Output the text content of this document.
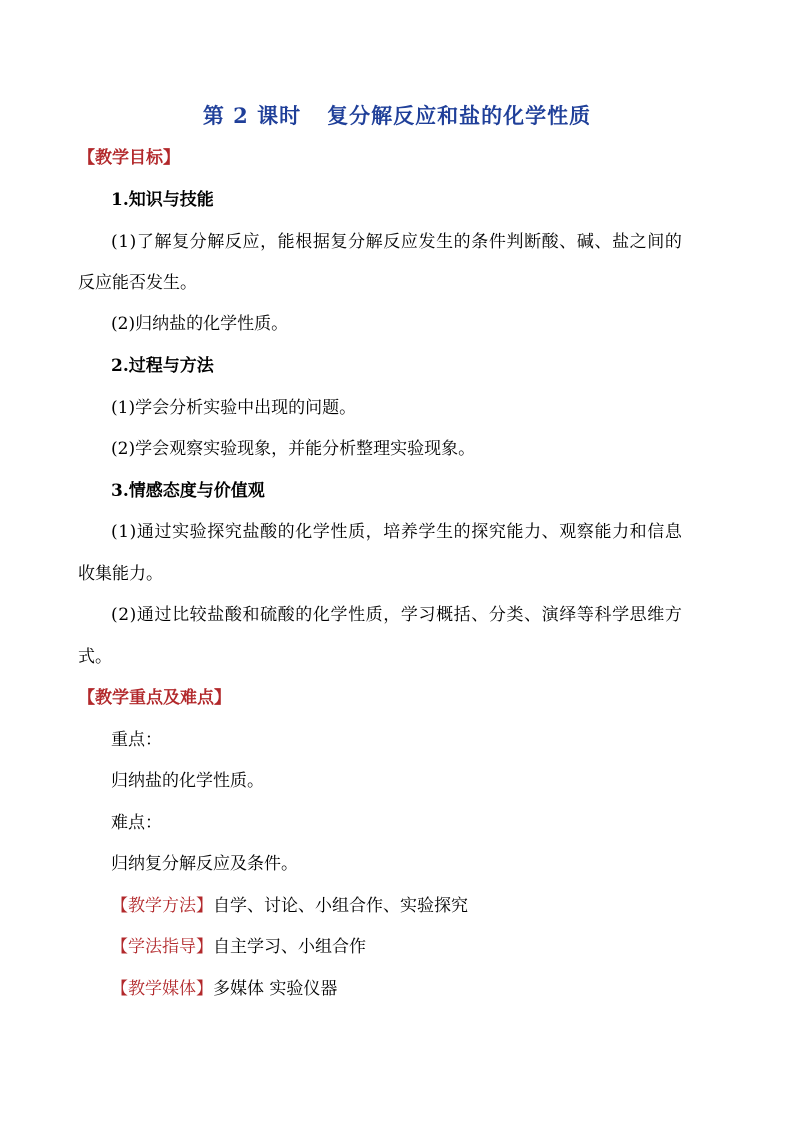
第 2 课时 复分解反应和盐的化学性质
【教学目标】
1.知识与技能
(1)了解复分解反应，能根据复分解反应发生的条件判断酸、碱、盐之间的
反应能否发生。
(2)归纳盐的化学性质。
2.过程与方法
(1)学会分析实验中出现的问题。
(2)学会观察实验现象，并能分析整理实验现象。
3.情感态度与价值观
(1)通过实验探究盐酸的化学性质，培养学生的探究能力、观察能力和信息
收集能力。
(2)通过比较盐酸和硫酸的化学性质，学习概括、分类、演绎等科学思维方
式。
【教学重点及难点】
重点：
归纳盐的化学性质。
难点：
归纳复分解反应及条件。
【教学方法】自学、讨论、小组合作、实验探究
【学法指导】自主学习、小组合作
【教学媒体】多媒体 实验仪器
